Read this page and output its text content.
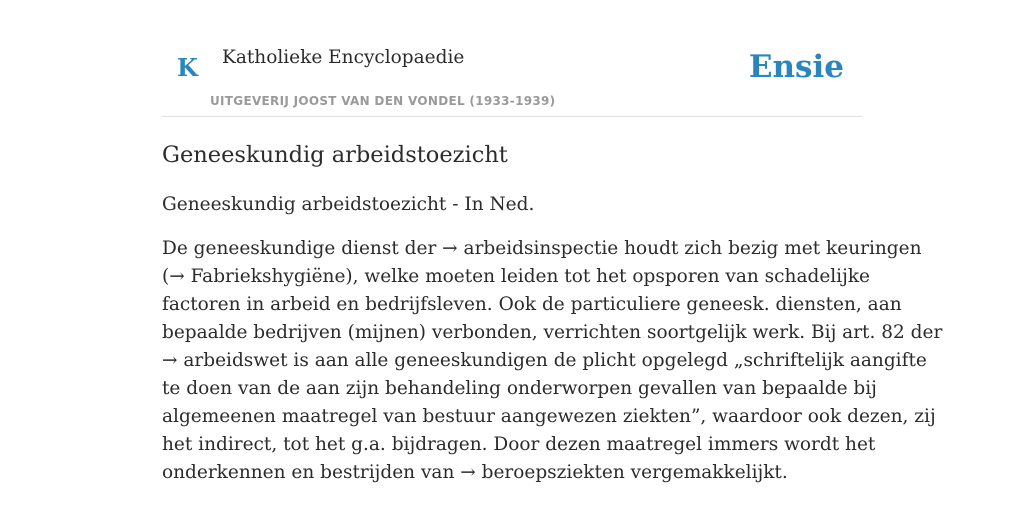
K Katholieke Encyclopaedie
UITGEVERIJ JOOST VAN DEN VONDEL (1933-1939)
Ensie
Geneeskundig arbeidstoezicht

Geneeskundig arbeidstoezicht - In Ned.

De geneeskundige dienst der → arbeidsinspectie houdt zich bezig met keuringen
(→ Fabriekshygiëne), welke moeten leiden tot het opsporen van schadelijke
factoren in arbeid en bedrijfsleven. Ook de particuliere geneesk. diensten, aan
bepaalde bedrijven (mijnen) verbonden, verrichten soortgelijk werk. Bij art. 82 der
→ arbeidswet is aan alle geneeskundigen de plicht opgelegd „schriftelijk aangifte
te doen van de aan zijn behandeling onderworpen gevallen van bepaalde bij
algemeenen maatregel van bestuur aangewezen ziekten”, waardoor ook dezen, zij
het indirect, tot het g.a. bijdragen. Door dezen maatregel immers wordt het
onderkennen en bestrijden van → beroepsziekten vergemakkelijkt.
